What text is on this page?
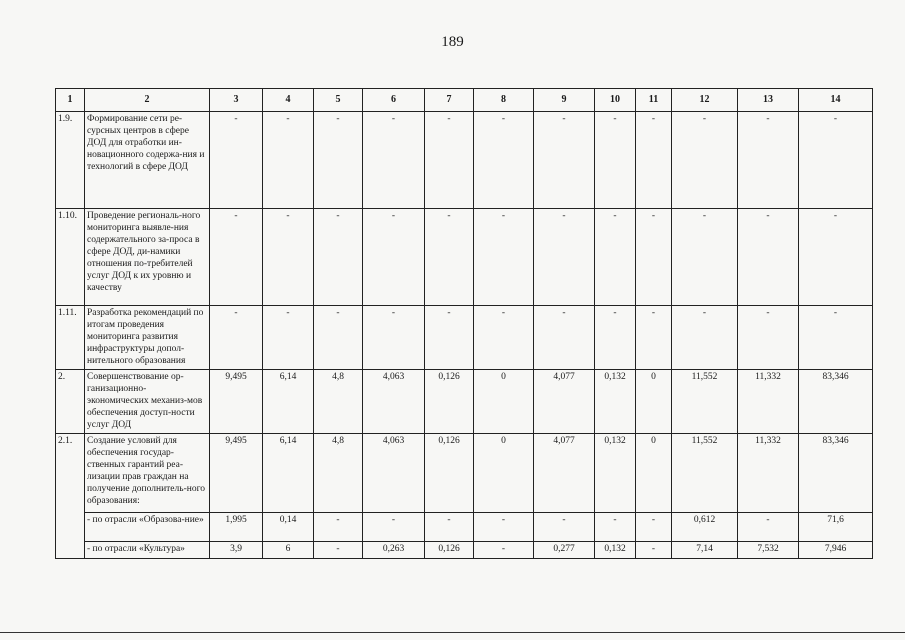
189
1	2	3	4	5	6	7	8	9	10	11	12	13	14
1.9.	Формирование сети ре-сурсных центров в сфере ДОД для отработки ин-новационного содержа-ния и технологий в сфере ДОД	-	-	-	-	-	-	-	-	-	-	-	-
1.10.	Проведение региональ-ного мониторинга выявле-ния содержательного за-проса в сфере ДОД, ди-намики отношения по-требителей услуг ДОД к их уровню и качеству	-	-	-	-	-	-	-	-	-	-	-	-
1.11.	Разработка рекомендаций по итогам проведения мониторинга развития инфраструктуры допол-нительного образования	-	-	-	-	-	-	-	-	-	-	-	-
2.	Совершенствование ор-ганизационно-экономических механиз-мов обеспечения доступ-ности услуг ДОД	9,495	6,14	4,8	4,063	0,126	0	4,077	0,132	0	11,552	11,332	83,346
2.1.	Создание условий для обеспечения государ-ственных гарантий реа-лизации прав граждан на получение дополнитель-ного образования:	9,495	6,14	4,8	4,063	0,126	0	4,077	0,132	0	11,552	11,332	83,346
	- по отрасли «Образова-ние»	1,995	0,14	-	-	-	-	-	-	-	0,612	-	71,6
	- по отрасли «Культура»	3,9	6	-	0,263	0,126	-	0,277	0,132	-	7,14	7,532	7,946
